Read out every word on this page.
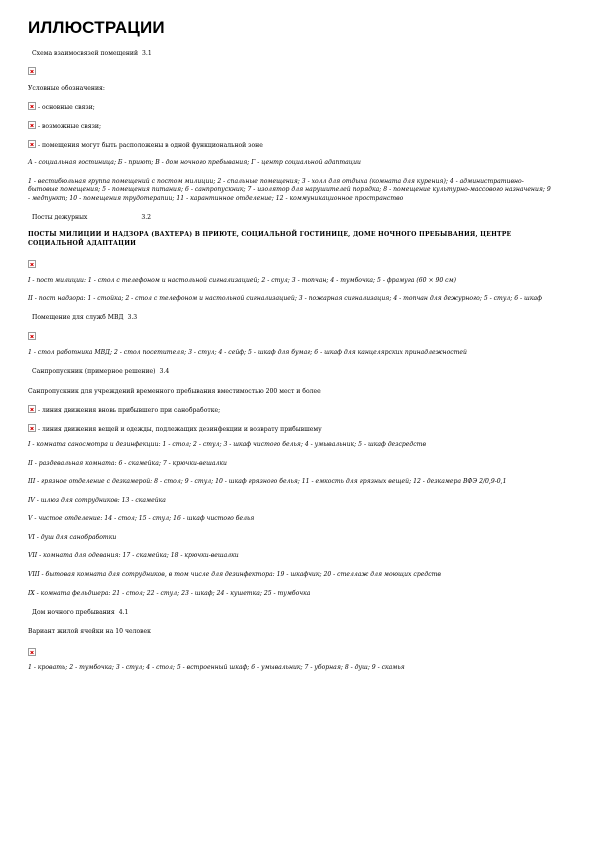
ИЛЛЮСТРАЦИИ

Схема взаимосвязей помещений 3.1

Условные обозначения:

- основные связи;

- возможные связи;

- помещения могут быть расположены в одной функциональной зоне

А - социальная гостиница; Б - приют; В - дом ночного пребывания; Г - центр социальной адаптации

1 - вестибюльная группа помещений с постом милиции; 2 - спальные помещения; 3 - холл для отдыха (комната для курения); 4 - административно-бытовые помещения; 5 - помещения питания; 6 - санпропускник; 7 - изолятор для нарушителей порядка; 8 - помещение культурно-массового назначения; 9 - медпункт; 10 - помещения трудотерапии; 11 - карантинное отделение; 12 - коммуникационное пространство

Посты дежурных	3.2

ПОСТЫ МИЛИЦИИ И НАДЗОРА (ВАХТЕРА) В ПРИЮТЕ, СОЦИАЛЬНОЙ ГОСТИНИЦЕ, ДОМЕ НОЧНОГО ПРЕБЫВАНИЯ, ЦЕНТРЕ СОЦИАЛЬНОЙ АДАПТАЦИИ

I - пост милиции: 1 - стол с телефоном и настольной сигнализацией; 2 - стул; 3 - топчан; 4 - тумбочка; 5 - фрамуга (60 × 90 см)

II - пост надзора: 1 - стойка; 2 - стол с телефоном и настольной сигнализацией; 3 - пожарная сигнализация; 4 - топчан для дежурного; 5 - стул; 6 - шкаф

Помещение для служб МВД 3.3

1 - стол работника МВД; 2 - стол посетителя; 3 - стул; 4 - сейф; 5 - шкаф для бумаг; 6 - шкаф для канцелярских принадлежностей

Санпропускник (примерное решение) 3.4

Санпропускник для учреждений временного пребывания вместимостью 200 мест и более

- линия движения вновь прибывшего при санобработке;

- линия движения вещей и одежды, подлежащих дезинфекции и возврату прибывшему

I - комната саносмотра и дезинфекции: 1 - стол; 2 - стул; 3 - шкаф чистого белья; 4 - умывальник; 5 - шкаф дезсредств

II - раздевальная комната: 6 - скамейка; 7 - крючки-вешалки

III - грязное отделение с дезкамерой: 8 - стол; 9 - стул; 10 - шкаф грязного белья; 11 - емкость для грязных вещей; 12 - дезкамера ВФЭ 2/0,9-0,1

IV - шлюз для сотрудников: 13 - скамейка

V - чистое отделение: 14 - стол; 15 - стул; 16 - шкаф чистого белья

VI - душ для санобработки

VII - комната для одевания: 17 - скамейка; 18 - крючки-вешалки

VIII - бытовая комната для сотрудников, в том числе для дезинфектора: 19 - шкафчик; 20 - стеллаж для моющих средств

IX - комната фельдшера: 21 - стол; 22 - стул; 23 - шкаф; 24 - кушетка; 25 - тумбочка

Дом ночного пребывания 4.1

Вариант жилой ячейки на 10 человек

1 - кровать; 2 - тумбочка; 3 - стул; 4 - стол; 5 - встроенный шкаф; 6 - умывальник; 7 - уборная; 8 - душ; 9 - скамья
